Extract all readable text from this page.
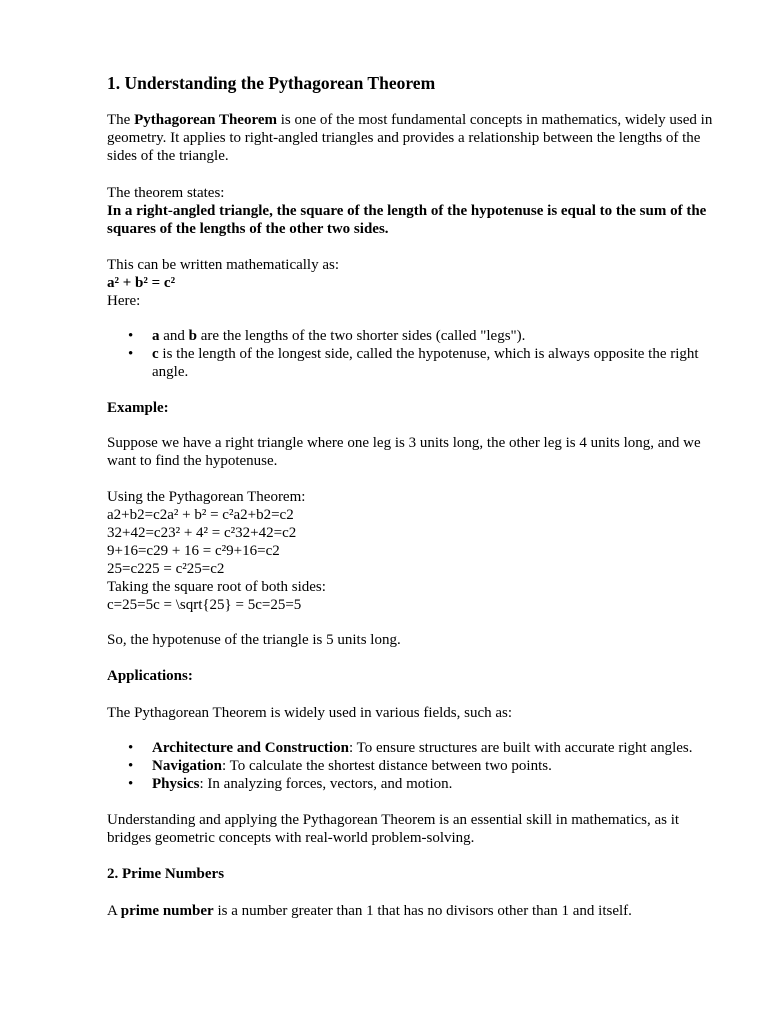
1. Understanding the Pythagorean Theorem

The Pythagorean Theorem is one of the most fundamental concepts in mathematics, widely used in geometry. It applies to right-angled triangles and provides a relationship between the lengths of the sides of the triangle.

The theorem states:
In a right-angled triangle, the square of the length of the hypotenuse is equal to the sum of the squares of the lengths of the other two sides.

This can be written mathematically as:
a² + b² = c²
Here:

• a and b are the lengths of the two shorter sides (called "legs").
• c is the length of the longest side, called the hypotenuse, which is always opposite the right angle.

Example:

Suppose we have a right triangle where one leg is 3 units long, the other leg is 4 units long, and we want to find the hypotenuse.

Using the Pythagorean Theorem:
a2+b2=c2a² + b² = c²a2+b2=c2
32+42=c23² + 4² = c²32+42=c2
9+16=c29 + 16 = c²9+16=c2
25=c225 = c²25=c2
Taking the square root of both sides:
c=25=5c = \sqrt{25} = 5c=25=5

So, the hypotenuse of the triangle is 5 units long.

Applications:

The Pythagorean Theorem is widely used in various fields, such as:

• Architecture and Construction: To ensure structures are built with accurate right angles.
• Navigation: To calculate the shortest distance between two points.
• Physics: In analyzing forces, vectors, and motion.

Understanding and applying the Pythagorean Theorem is an essential skill in mathematics, as it bridges geometric concepts with real-world problem-solving.

2. Prime Numbers

A prime number is a number greater than 1 that has no divisors other than 1 and itself.
